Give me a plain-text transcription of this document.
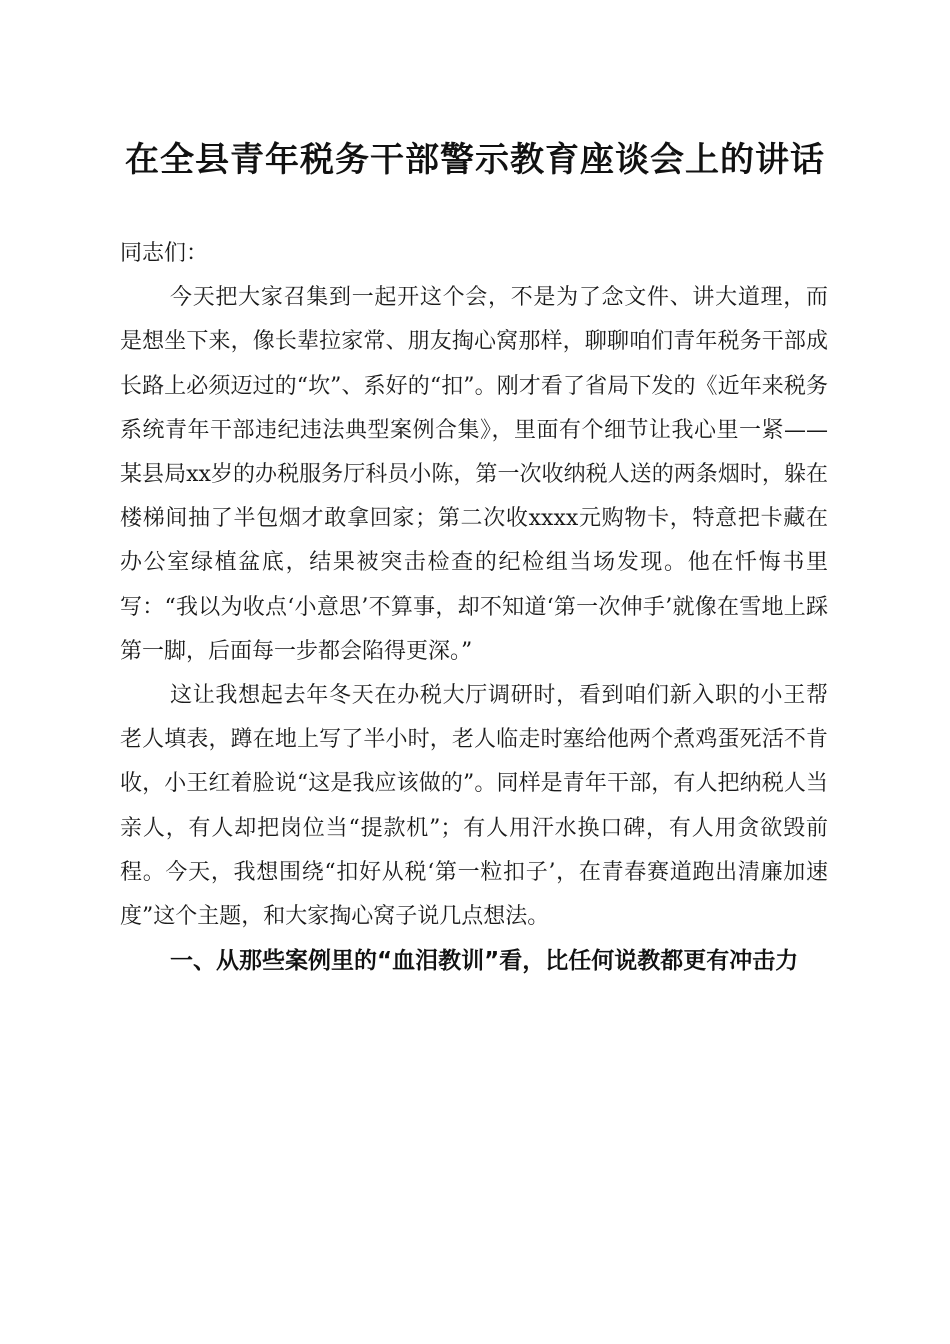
在全县青年税务干部警示教育座谈会上的讲话

同志们：

今天把大家召集到一起开这个会，不是为了念文件、讲大道理，而是想坐下来，像长辈拉家常、朋友掏心窝那样，聊聊咱们青年税务干部成长路上必须迈过的“坎”、系好的“扣”。刚才看了省局下发的《近年来税务系统青年干部违纪违法典型案例合集》，里面有个细节让我心里一紧——某县局xx岁的办税服务厅科员小陈，第一次收纳税人送的两条烟时，躲在楼梯间抽了半包烟才敢拿回家；第二次收xxxx元购物卡，特意把卡藏在办公室绿植盆底，结果被突击检查的纪检组当场发现。他在忏悔书里写：“我以为收点‘小意思’不算事，却不知道‘第一次伸手’就像在雪地上踩第一脚，后面每一步都会陷得更深。”

这让我想起去年冬天在办税大厅调研时，看到咱们新入职的小王帮老人填表，蹲在地上写了半小时，老人临走时塞给他两个煮鸡蛋死活不肯收，小王红着脸说“这是我应该做的”。同样是青年干部，有人把纳税人当亲人，有人却把岗位当“提款机”；有人用汗水换口碑，有人用贪欲毁前程。今天，我想围绕“扣好从税‘第一粒扣子’，在青春赛道跑出清廉加速度”这个主题，和大家掏心窝子说几点想法。

一、从那些案例里的“血泪教训”看，比任何说教都更有冲击力
